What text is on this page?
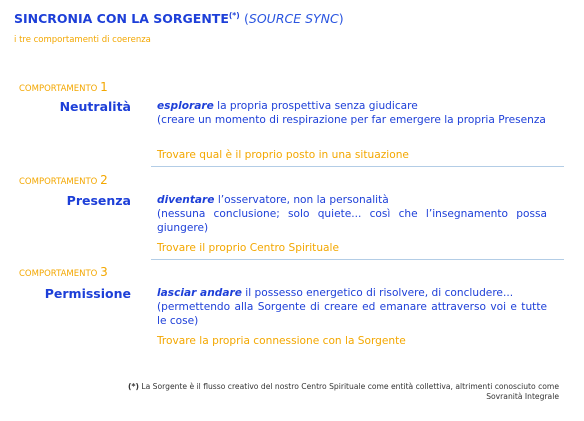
SINCRONIA CON LA SORGENTE(*) (SOURCE SYNC)
i tre comportamenti di coerenza
COMPORTAMENTO 1
Neutralità esplorare la propria prospettiva senza giudicare
(creare un momento di respirazione per far emergere la propria Presenza
Trovare qual è il proprio posto in una situazione
COMPORTAMENTO 2
Presenza diventare l’osservatore, non la personalità
(nessuna conclusione; solo quiete... così che l’insegnamento possa giungere)
Trovare il proprio Centro Spirituale
COMPORTAMENTO 3
Permissione lasciar andare il possesso energetico di risolvere, di concludere...
(permettendo alla Sorgente di creare ed emanare attraverso voi e tutte le cose)
Trovare la propria connessione con la Sorgente
(*) La Sorgente è il flusso creativo del nostro Centro Spirituale come entità collettiva, altrimenti conosciuto come Sovranità Integrale
